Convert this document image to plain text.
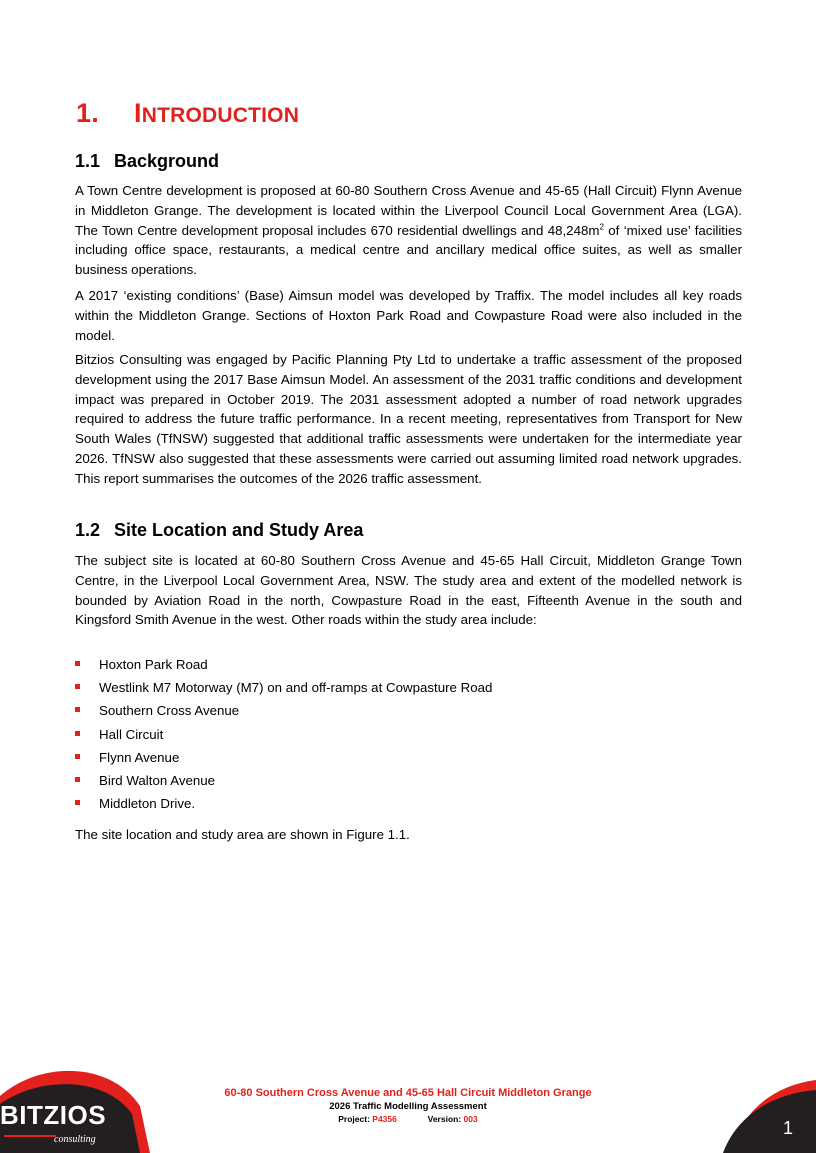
1. INTRODUCTION
1.1 Background

A Town Centre development is proposed at 60-80 Southern Cross Avenue and 45-65 (Hall Circuit) Flynn Avenue in Middleton Grange. The development is located within the Liverpool Council Local Government Area (LGA). The Town Centre development proposal includes 670 residential dwellings and $48,248m^2$ of ‘mixed use’ facilities including office space, restaurants, a medical centre and ancillary medical office suites, as well as smaller business operations.

A 2017 ‘existing conditions’ (Base) Aimsun model was developed by Traffix. The model includes all key roads within the Middleton Grange. Sections of Hoxton Park Road and Cowpasture Road were also included in the model.

Bitzios Consulting was engaged by Pacific Planning Pty Ltd to undertake a traffic assessment of the proposed development using the 2017 Base Aimsun Model. An assessment of the 2031 traffic conditions and development impact was prepared in October 2019. The 2031 assessment adopted a number of road network upgrades required to address the future traffic performance. In a recent meeting, representatives from Transport for New South Wales (TfNSW) suggested that additional traffic assessments were undertaken for the intermediate year 2026. TfNSW also suggested that these assessments were carried out assuming limited road network upgrades. This report summarises the outcomes of the 2026 traffic assessment.

1.2 Site Location and Study Area

The subject site is located at 60-80 Southern Cross Avenue and 45-65 Hall Circuit, Middleton Grange Town Centre, in the Liverpool Local Government Area, NSW. The study area and extent of the modelled network is bounded by Aviation Road in the north, Cowpasture Road in the east, Fifteenth Avenue in the south and Kingsford Smith Avenue in the west. Other roads within the study area include:

Hoxton Park Road
Westlink M7 Motorway (M7) on and off-ramps at Cowpasture Road
Southern Cross Avenue
Hall Circuit
Flynn Avenue
Bird Walton Avenue
Middleton Drive.

The site location and study area are shown in Figure 1.1.

BITZIOS
consulting
60-80 Southern Cross Avenue and 45-65 Hall Circuit Middleton Grange
2026 Traffic Modelling Assessment
Project: P4356	Version: 003	1
